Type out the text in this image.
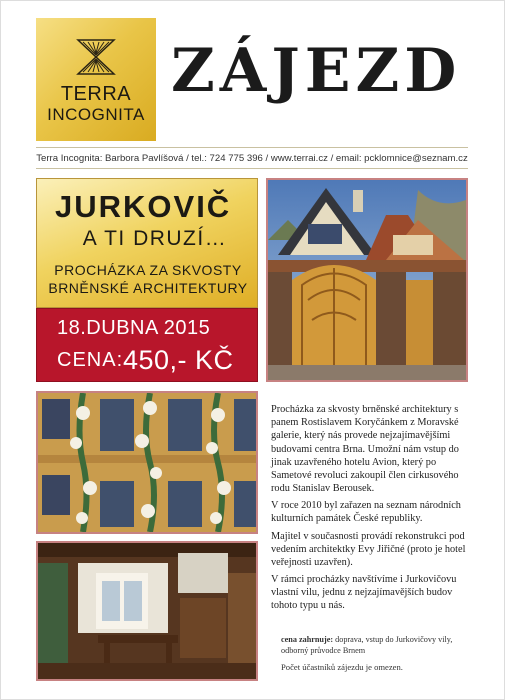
TERRA
INCOGNITA
ZÁJEZD
Terra Incognita: Barbora Pavlíšová / tel.: 724 775 396 / www.terrai.cz / email: pcklomnice@seznam.cz
JURKOVIČ
A TI DRUZÍ…
PROCHÁZKA ZA SKVOSTY
BRNĚNSKÉ ARCHITEKTURY
18.DUBNA 2015
CENA: 450,- KČ

Procházka za skvosty brněnské architektury s panem Rostislavem Koryčánkem z Moravské galerie, který nás provede nejzajímavějšími budovami centra Brna. Umožní nám vstup do jinak uzavřeného hotelu Avion, který po Sametové revoluci zakoupil člen cirkusového rodu Stanislav Berousek.

V roce 2010 byl zařazen na seznam národních kulturních památek České republiky.

Majitel v současnosti provádí rekonstrukci pod vedením architektky Evy Jiřičné (proto je hotel veřejnosti uzavřen).

V rámci procházky navštívíme i Jurkovičovu vlastní vilu, jednu z nejzajímavějších budov tohoto typu u nás.

cena zahrnuje: doprava, vstup do Jurkovičovy vily, odborný průvodce Brnem
Počet účastníků zájezdu je omezen.
